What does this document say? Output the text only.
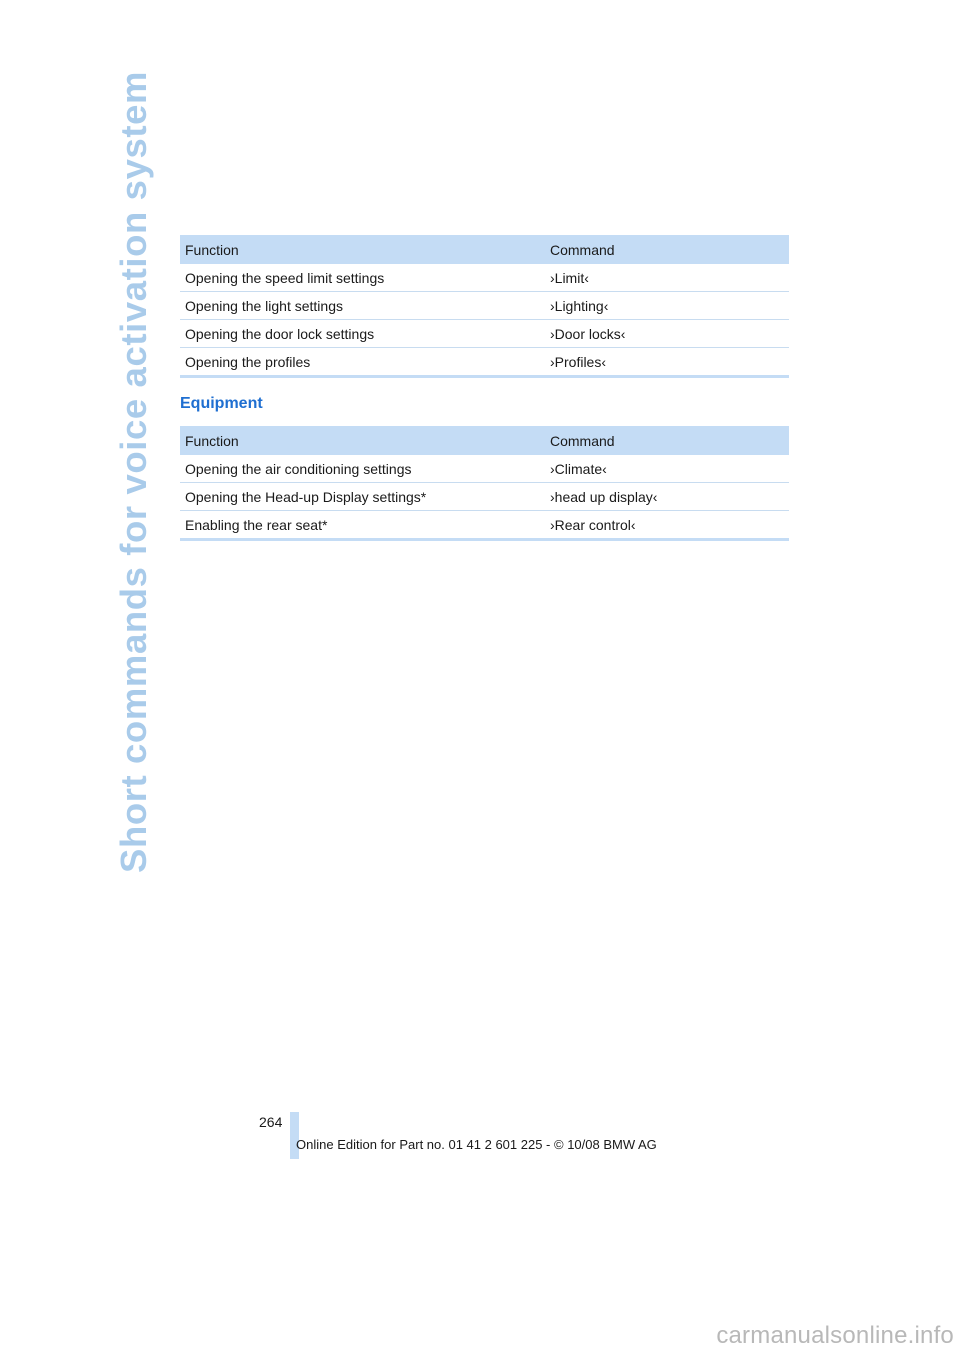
Short commands for voice activation system Function	Command
Opening the speed limit settings	›Limit‹
Opening the light settings	›Lighting‹
Opening the door lock settings	›Door locks‹
Opening the profiles	›Profiles‹
Equipment
Function	Command
Opening the air conditioning settings	›Climate‹
Opening the Head-up Display settings*	›head up display‹
Enabling the rear seat*	›Rear control‹
264
Online Edition for Part no. 01 41 2 601 225 - © 10/08 BMW AG
carmanualsonline.info
